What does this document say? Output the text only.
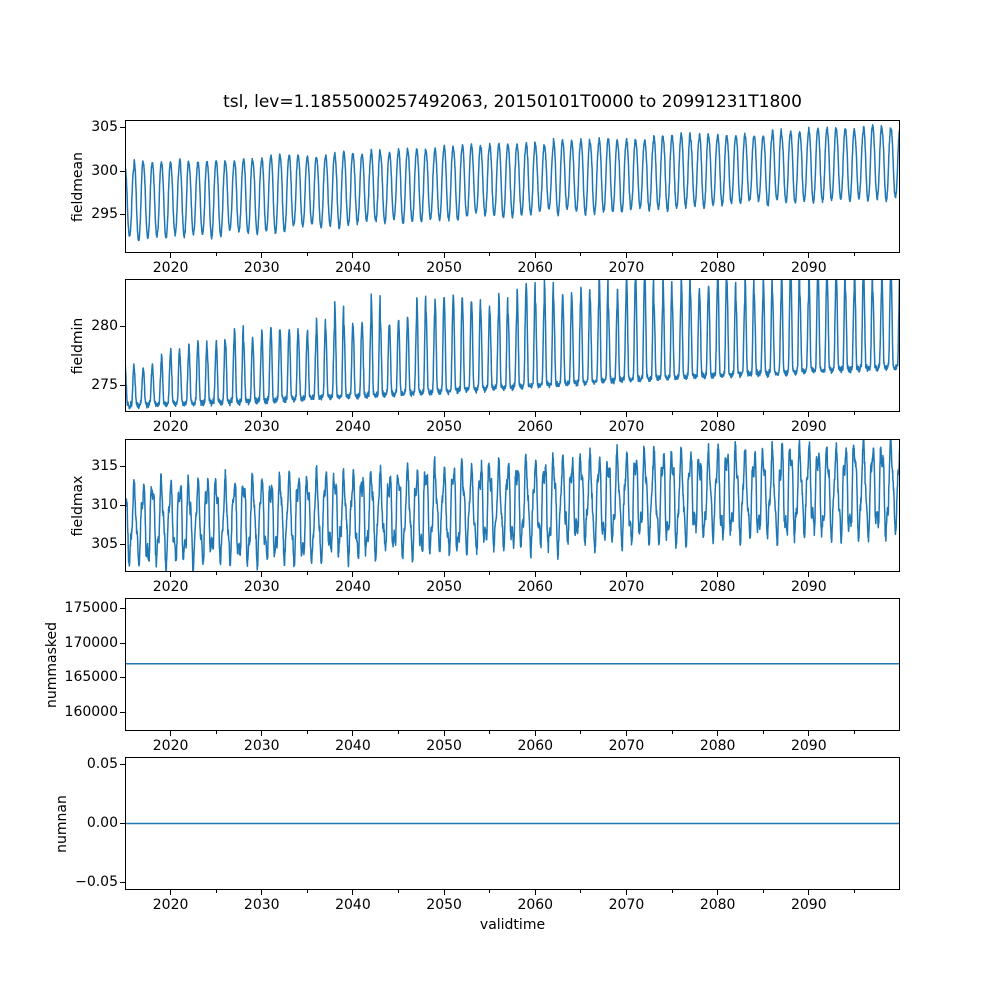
tsl, lev=1.1855000257492063, 20150101T0000 to 20991231T1800
2020	2030	2040	2050	2060	2070	2080	2090
295
300
305
fieldmean
2020	2030	2040	2050	2060	2070	2080	2090
275
280
fieldmin
2020	2030	2040	2050	2060	2070	2080	2090
305
310
315
fieldmax
2020	2030	2040	2050	2060	2070	2080	2090
160000
165000
170000
175000
nummasked
2020	2030	2040	2050	2060	2070	2080	2090
−0.05
0.00
0.05
numnan
validtime
